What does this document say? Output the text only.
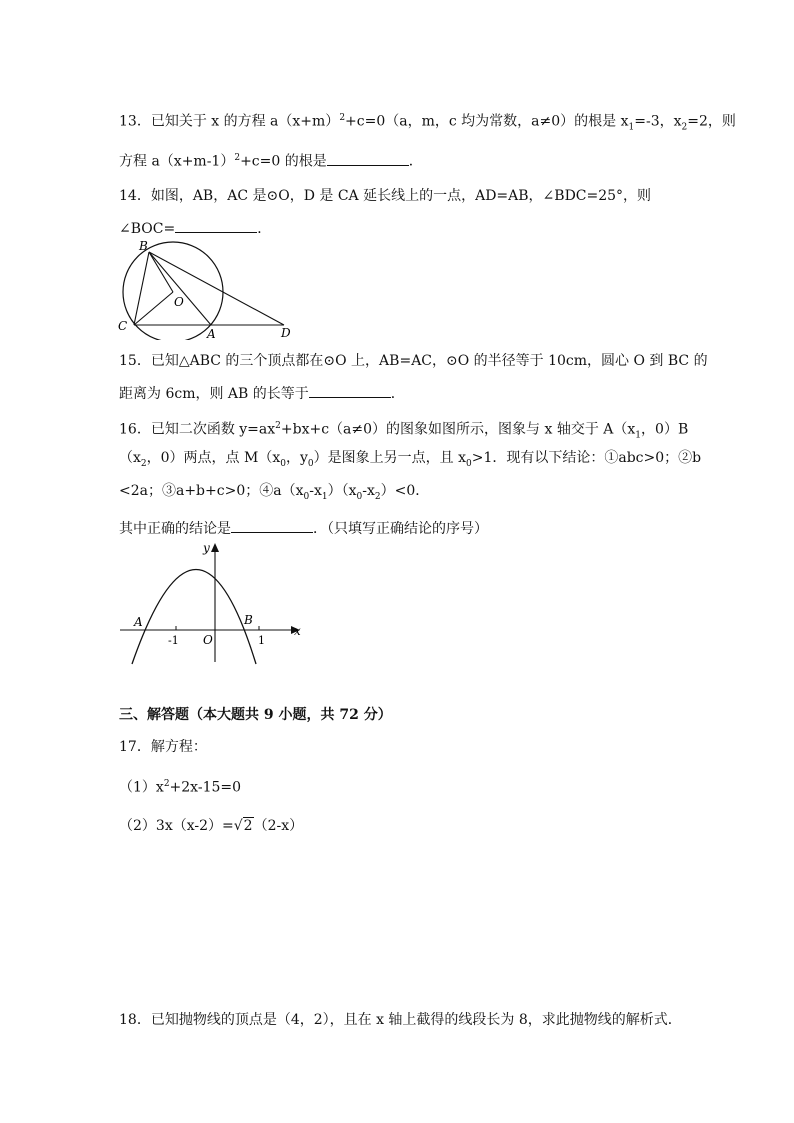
13．已知关于 x 的方程 $a(x+m)^2+c=0(a$，m，c 均为常数，a≠0）的根是 $x_1=-3$，$x_2=2$，则
方程 $a(x+m-1)^2+c=0$ 的根是	．
14．如图，AB，AC 是⊙O，D 是 CA 延长线上的一点，AD=AB，∠BDC=25°，则
∠BOC=	．
B
O
C
A	D
15．已知△ABC 的三个顶点都在⊙O 上，AB=AC，⊙O 的半径等于 10cm，圆心 O 到 BC 的
距离为 6cm，则 AB 的长等于	．
16．已知二次函数 $y=ax^2+bx+c(a\ne 0)$的图象如图所示，图象与 x 轴交于 $A(x_1$，0）B
（$x_2$，0）两点，点 $M(x_0$，$y_0$）是图象上另一点，且 $x_0>1$．现有以下结论：①abc>0；②b
<2a；③a+b+c>0；$④a(x_0-x_1)(x_0-x_2)<0$．
其中正确的结论是	．（只填写正确结论的序号）
y
x
A	B
-1 O	1
三、解答题（本大题共 9 小题，共 72 分）
17．解方程：
$(1)x^2+2x-15=0$
（2）3x（x-2）=√2（2-x）
18．已知抛物线的顶点是（4，2），且在 x 轴上截得的线段长为 8，求此抛物线的解析式．
